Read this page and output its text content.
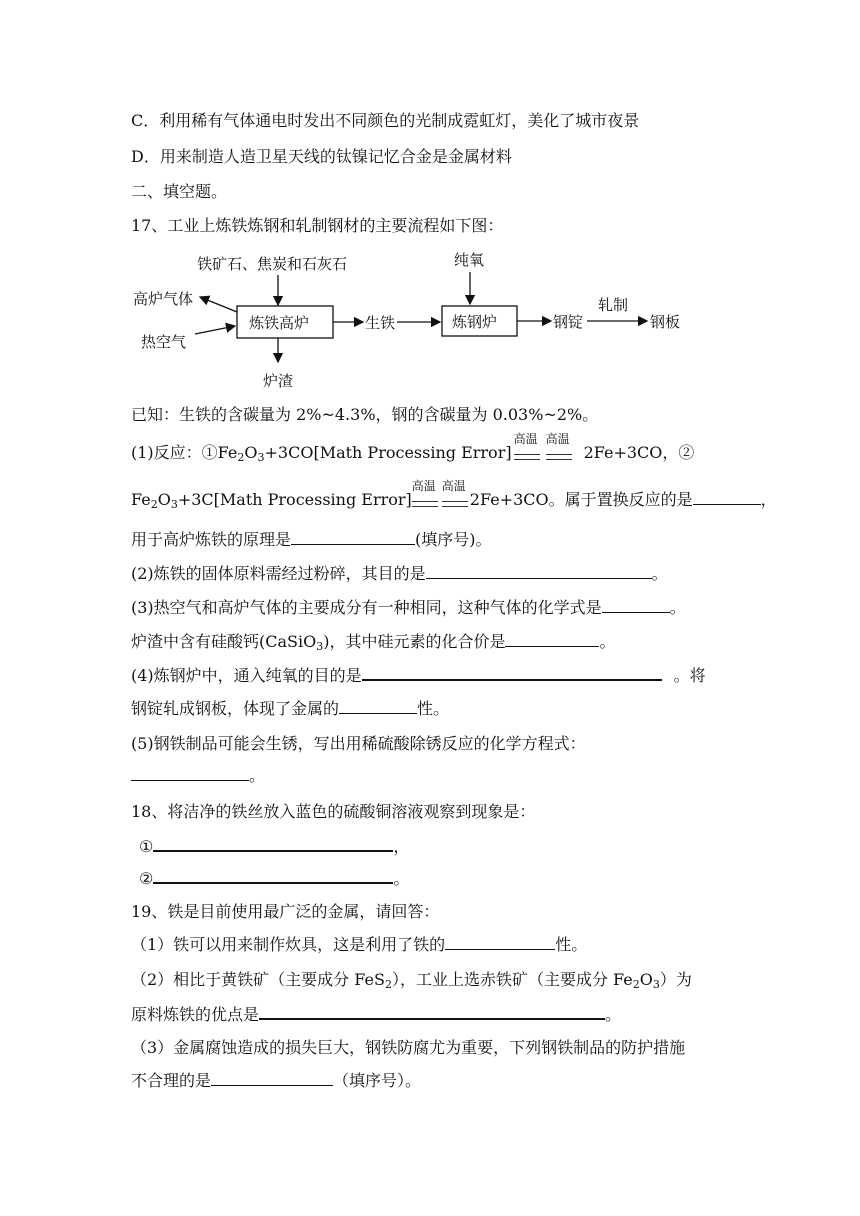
C．利用稀有气体通电时发出不同颜色的光制成霓虹灯，美化了城市夜景
D．用来制造人造卫星天线的钛镍记忆合金是金属材料
二、填空题。
17、工业上炼铁炼钢和轧制钢材的主要流程如下图：
铁矿石、焦炭和石灰石
炼铁高炉
高炉气体
热空气
炉渣
生铁
纯氧
炼钢炉	钢锭
轧制
钢板
已知：生铁的含碳量为 2%~4.3%，钢的含碳量为 0.03%~2%。
(1)反应：$①Fe_2O_3+3CO[Math$ Processing Error]
高温 高温
2Fe+3CO，②
$Fe_2O_3+3C[Math$ Processing Error]
高温 高温
2Fe+3CO。属于置换反应的是	，
用于高炉炼铁的原理是	(填序号)。
(2)炼铁的固体原料需经过粉碎，其目的是	。
(3)热空气和高炉气体的主要成分有一种相同，这种气体的化学式是	。
炉渣中含有硅酸钙(CaSiO$_3$)，其中硅元素的化合价是	。
(4)炼钢炉中，通入纯氧的目的是	。将
钢锭轧成钢板，体现了金属的	性。
(5)钢铁制品可能会生锈，写出用稀硫酸除锈反应的化学方程式：
。
18、将洁净的铁丝放入蓝色的硫酸铜溶液观察到现象是：
①	，
②	。
19、铁是目前使用最广泛的金属，请回答：
（1）铁可以用来制作炊具，这是利用了铁的	性。
（2）相比于黄铁矿（主要成分 FeS$_2$），工业上选赤铁矿（主要成分 $Fe_2O_3$）为
原料炼铁的优点是	。
（3）金属腐蚀造成的损失巨大，钢铁防腐尤为重要，下列钢铁制品的防护措施
不合理的是	（填序号）。
